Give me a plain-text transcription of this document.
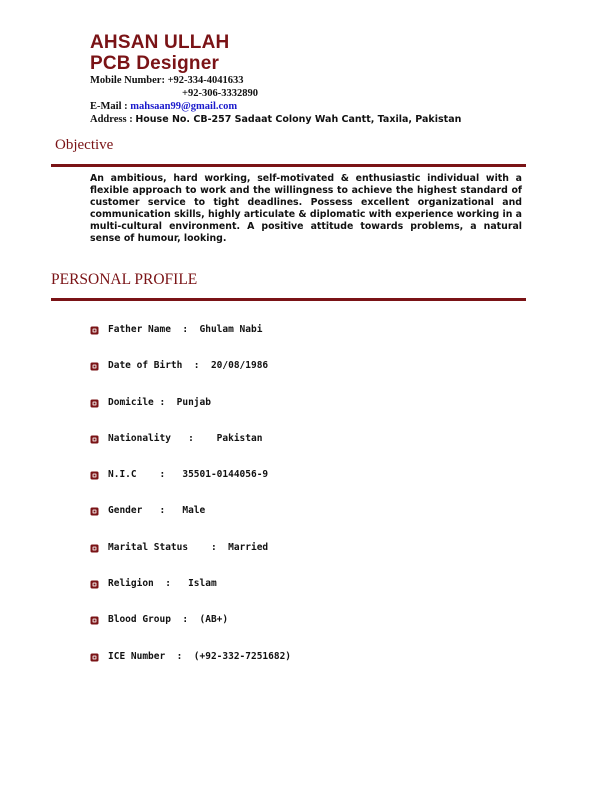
AHSAN ULLAH
PCB Designer
Mobile Number: +92-334-4041633
+92-306-3332890
E-Mail : mahsaan99@gmail.com
Address : House No. CB-257 Sadaat Colony Wah Cantt, Taxila, Pakistan
Objective
An ambitious, hard working, self-motivated & enthusiastic individual with a flexible approach to work and the willingness to achieve the highest standard of customer service to tight deadlines. Possess excellent organizational and communication skills, highly articulate & diplomatic with experience working in a multi-cultural environment. A positive attitude towards problems, a natural sense of humour, looking.
PERSONAL PROFILE
Father Name  :  Ghulam Nabi
Date of Birth  :  20/08/1986
Domicile :  Punjab
Nationality   :    Pakistan
N.I.C    :   35501-0144056-9
Gender   :   Male
Marital Status    :  Married
Religion  :   Islam
Blood Group  :  (AB+)
ICE Number  :  (+92-332-7251682)
